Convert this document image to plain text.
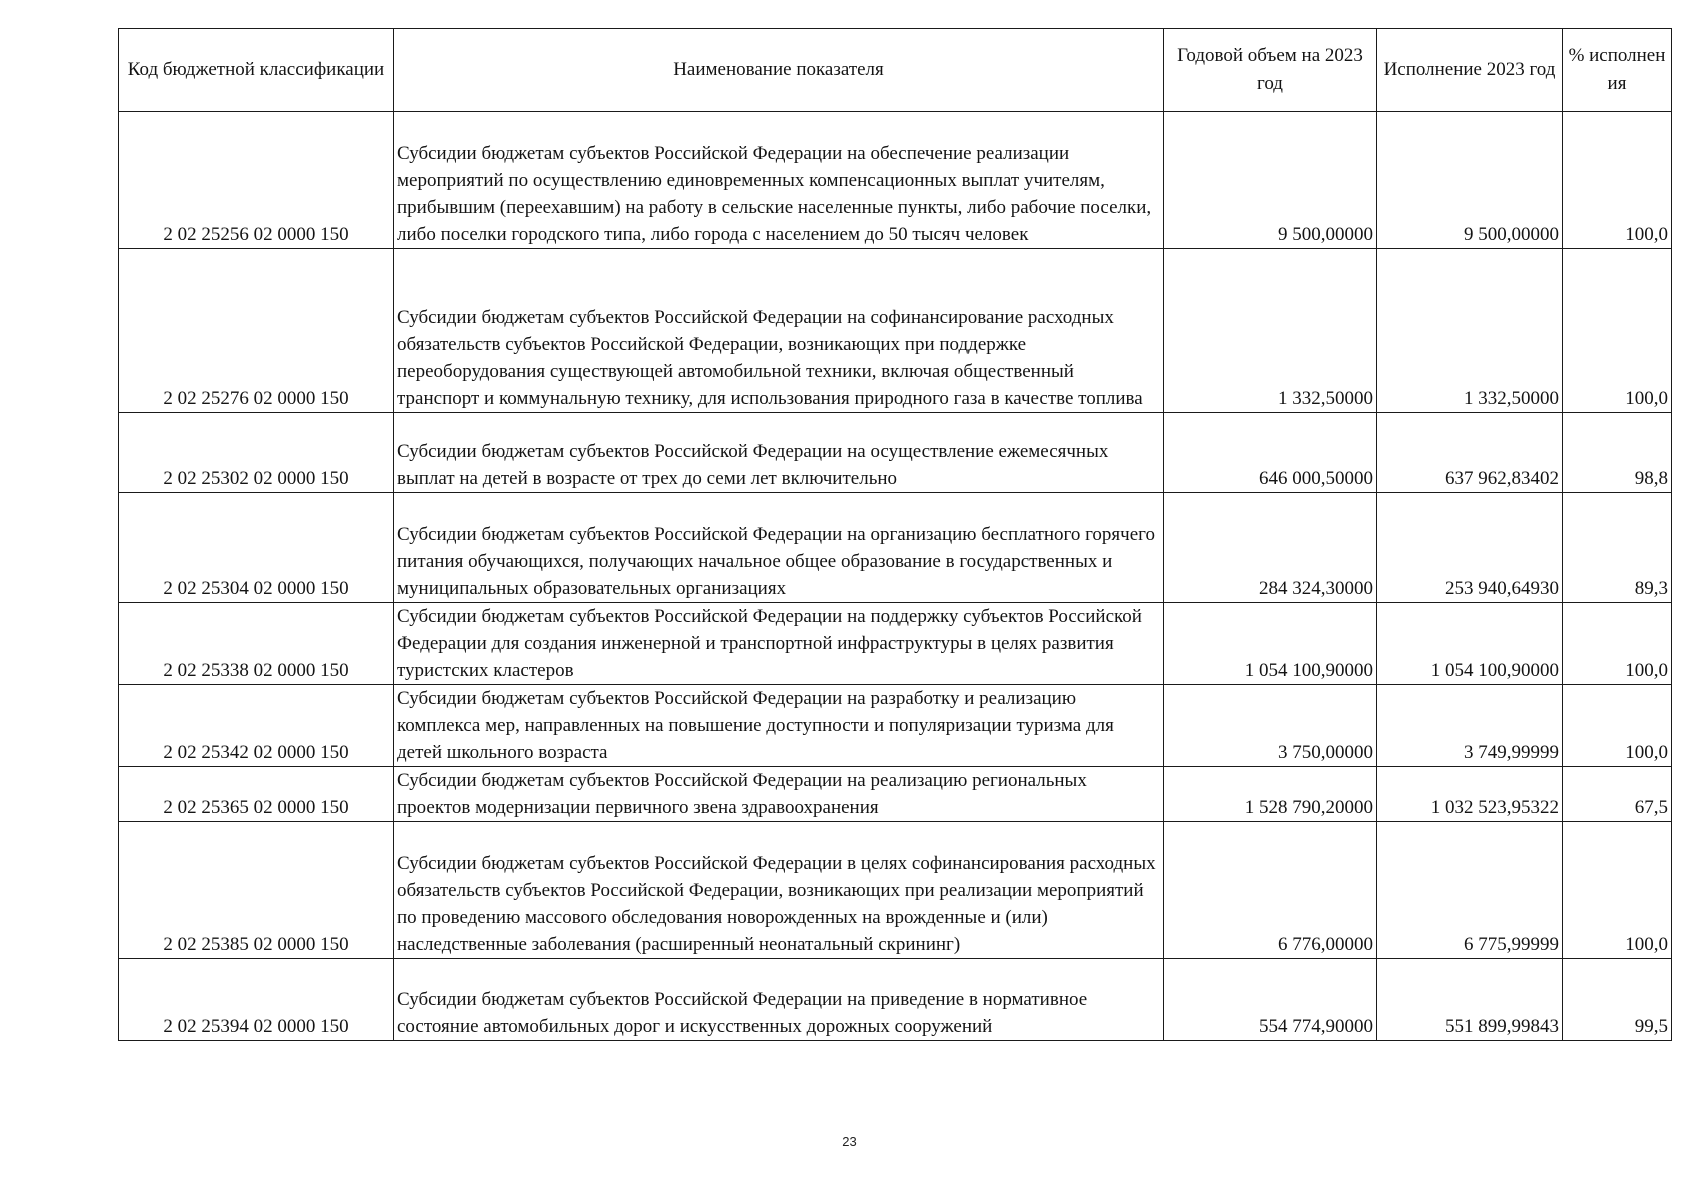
Код бюджетной классификации	Наименование показателя	Годовой объем на 2023 год	Исполнение 2023 год	% исполнен ия
2 02 25256 02 0000 150	Субсидии бюджетам субъектов Российской Федерации на обеспечение реализации мероприятий по осуществлению единовременных компенсационных выплат учителям, прибывшим (переехавшим) на работу в сельские населенные пункты, либо рабочие поселки, либо поселки городского типа, либо города с населением до 50 тысяч человек	9 500,00000	9 500,00000	100,0
2 02 25276 02 0000 150	Субсидии бюджетам субъектов Российской Федерации на софинансирование расходных обязательств субъектов Российской Федерации, возникающих при поддержке переоборудования существующей автомобильной техники, включая общественный транспорт и коммунальную технику, для использования природного газа в качестве топлива	1 332,50000	1 332,50000	100,0
2 02 25302 02 0000 150	Субсидии бюджетам субъектов Российской Федерации на осуществление ежемесячных выплат на детей в возрасте от трех до семи лет включительно	646 000,50000	637 962,83402	98,8
2 02 25304 02 0000 150	Субсидии бюджетам субъектов Российской Федерации на организацию бесплатного горячего питания обучающихся, получающих начальное общее образование в государственных и муниципальных образовательных организациях	284 324,30000	253 940,64930	89,3
2 02 25338 02 0000 150	Субсидии бюджетам субъектов Российской Федерации на поддержку субъектов Российской Федерации для создания инженерной и транспортной инфраструктуры в целях развития туристских кластеров	1 054 100,90000	1 054 100,90000	100,0
2 02 25342 02 0000 150	Субсидии бюджетам субъектов Российской Федерации на разработку и реализацию комплекса мер, направленных на повышение доступности и популяризации туризма для детей школьного возраста	3 750,00000	3 749,99999	100,0
2 02 25365 02 0000 150	Субсидии бюджетам субъектов Российской Федерации на реализацию региональных проектов модернизации первичного звена здравоохранения	1 528 790,20000	1 032 523,95322	67,5
2 02 25385 02 0000 150	Субсидии бюджетам субъектов Российской Федерации в целях софинансирования расходных обязательств субъектов Российской Федерации, возникающих при реализации мероприятий по проведению массового обследования новорожденных на врожденные и (или) наследственные заболевания (расширенный неонатальный скрининг)	6 776,00000	6 775,99999	100,0
2 02 25394 02 0000 150	Субсидии бюджетам субъектов Российской Федерации на приведение в нормативное состояние автомобильных дорог и искусственных дорожных сооружений	554 774,90000	551 899,99843	99,5
23
